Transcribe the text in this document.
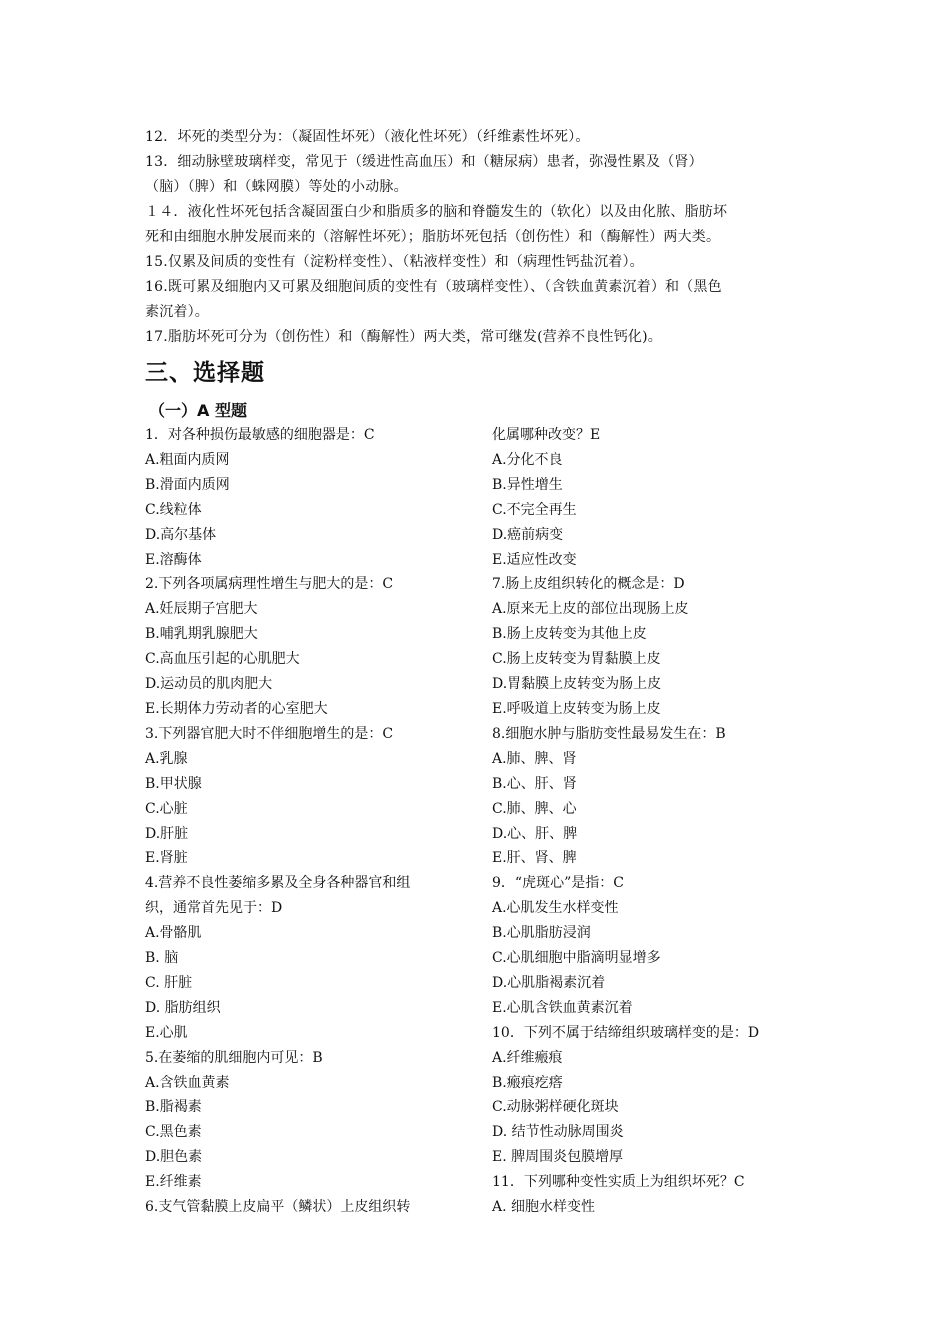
12．坏死的类型分为：（凝固性坏死）（液化性坏死）（纤维素性坏死）。
13．细动脉壁玻璃样变，常见于（缓进性高血压）和（糖尿病）患者，弥漫性累及（肾）
（脑）（脾）和（蛛网膜）等处的小动脉。
１４．液化性坏死包括含凝固蛋白少和脂质多的脑和脊髓发生的（软化）以及由化脓、脂肪坏
死和由细胞水肿发展而来的（溶解性坏死）；脂肪坏死包括（创伤性）和（酶解性）两大类。
15.仅累及间质的变性有（淀粉样变性）、（粘液样变性）和（病理性钙盐沉着）。
16.既可累及细胞内又可累及细胞间质的变性有（玻璃样变性）、（含铁血黄素沉着）和（黑色
素沉着）。
17.脂肪坏死可分为（创伤性）和（酶解性）两大类，常可继发(营养不良性钙化)。
三、选择题
（一）A 型题
1．对各种损伤最敏感的细胞器是：C
A.粗面内质网
B.滑面内质网
C.线粒体
D.高尔基体
E.溶酶体
2.下列各项属病理性增生与肥大的是：C
A.妊辰期子宫肥大
B.哺乳期乳腺肥大
C.高血压引起的心肌肥大
D.运动员的肌肉肥大
E.长期体力劳动者的心室肥大
3.下列器官肥大时不伴细胞增生的是：C
A.乳腺
B.甲状腺
C.心脏
D.肝脏
E.肾脏
4.营养不良性萎缩多累及全身各种器官和组
织，通常首先见于：D
A.骨骼肌
B. 脑
C. 肝脏
D. 脂肪组织
E.心肌
5.在萎缩的肌细胞内可见：B
A.含铁血黄素
B.脂褐素
C.黑色素
D.胆色素
E.纤维素
6.支气管黏膜上皮扁平（鳞状）上皮组织转
化属哪种改变？E
A.分化不良
B.异性增生
C.不完全再生
D.癌前病变
E.适应性改变
7.肠上皮组织转化的概念是：D
A.原来无上皮的部位出现肠上皮
B.肠上皮转变为其他上皮
C.肠上皮转变为胃黏膜上皮
D.胃黏膜上皮转变为肠上皮
E.呼吸道上皮转变为肠上皮
8.细胞水肿与脂肪变性最易发生在：B
A.肺、脾、肾
B.心、肝、肾
C.肺、脾、心
D.心、肝、脾
E.肝、肾、脾
9．“虎斑心”是指：C
A.心肌发生水样变性
B.心肌脂肪浸润
C.心肌细胞中脂滴明显增多
D.心肌脂褐素沉着
E.心肌含铁血黄素沉着
10．下列不属于结缔组织玻璃样变的是：D
A.纤维瘢痕
B.瘢痕疙瘩
C.动脉粥样硬化斑块
D. 结节性动脉周围炎
E. 脾周围炎包膜增厚
11．下列哪种变性实质上为组织坏死？C
A. 细胞水样变性
